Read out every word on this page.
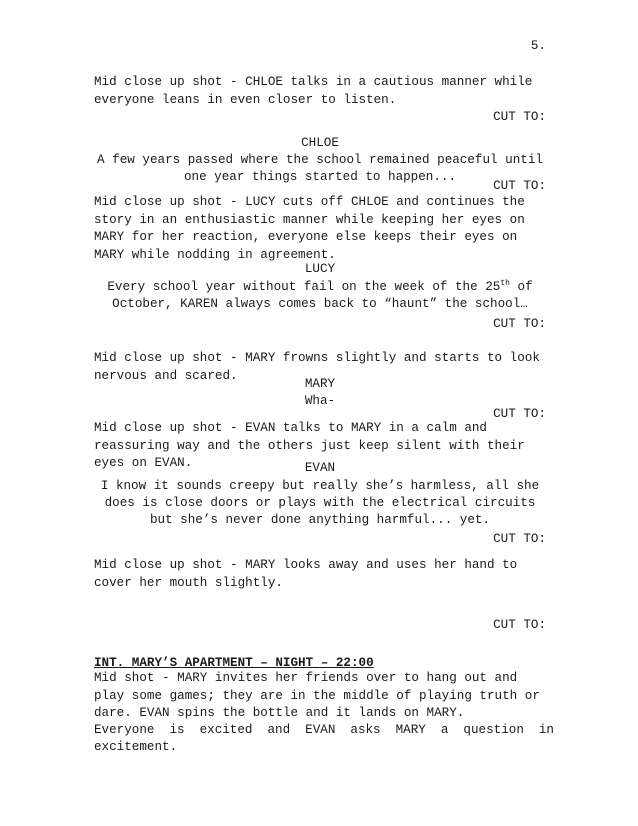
5.

Mid close up shot - CHLOE talks in a cautious manner while everyone leans in even closer to listen.

CUT TO:
CHLOE
A few years passed where the school remained peaceful until
one year things started to happen...
CUT TO:

Mid close up shot - LUCY cuts off CHLOE and continues the story in an enthusiastic manner while keeping her eyes on MARY for her reaction, everyone else keeps their eyes on MARY while nodding in agreement.

LUCY
Every school year without fail on the week of the 25th of
October, KAREN always comes back to “haunt” the school…
CUT TO:

Mid close up shot - MARY frowns slightly and starts to look nervous and scared.

MARY
Wha-
CUT TO:

Mid close up shot - EVAN talks to MARY in a calm and reassuring way and the others just keep silent with their eyes on EVAN.	EVAN
I know it sounds creepy but really she’s harmless, all she
does is close doors or plays with the electrical circuits
but she’s never done anything harmful... yet.
CUT TO:

Mid close up shot - MARY looks away and uses her hand to cover her mouth slightly.

CUT TO:
INT. MARY’S APARTMENT – NIGHT – 22:00

Mid shot - MARY invites her friends over to hang out and play some games; they are in the middle of playing truth or dare. EVAN spins the bottle and it lands on MARY.

Everyone is excited and EVAN asks MARY a question in
excitement.
